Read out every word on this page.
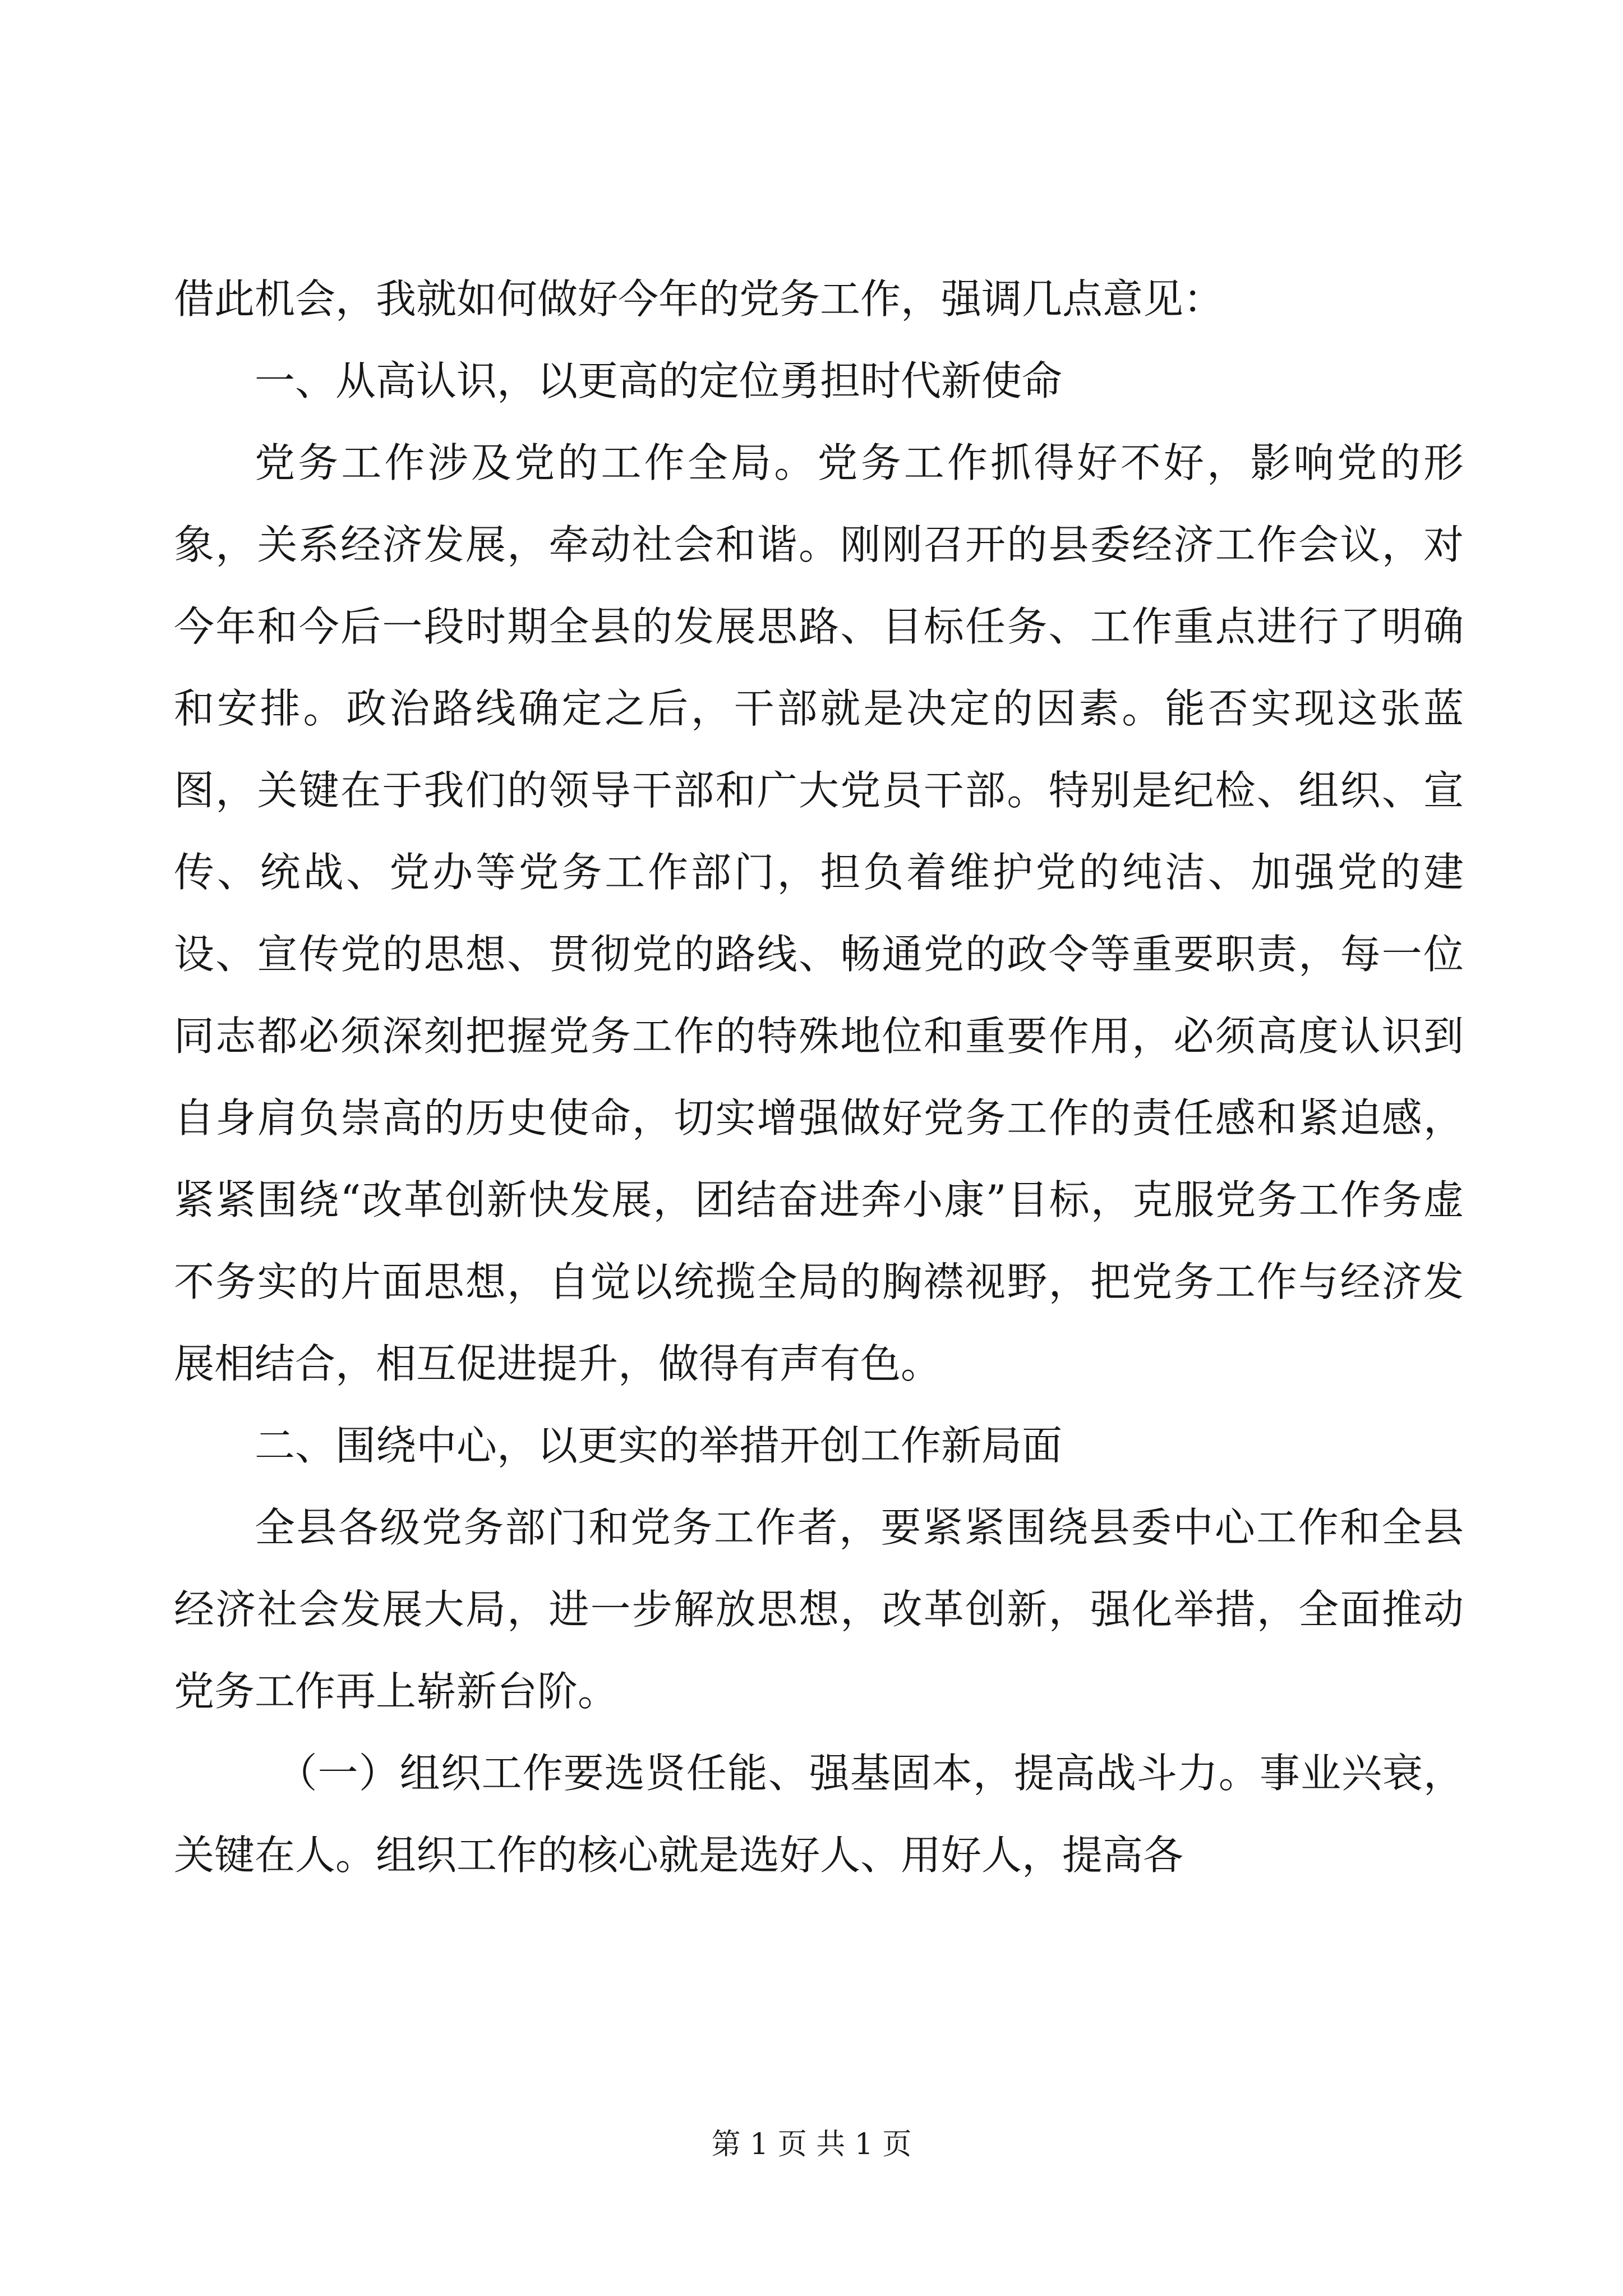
借此机会，我就如何做好今年的党务工作，强调几点意见：

一、从高认识，以更高的定位勇担时代新使命

党务工作涉及党的工作全局。党务工作抓得好不好，影响党的形象，关系经济发展，牵动社会和谐。刚刚召开的县委经济工作会议，对今年和今后一段时期全县的发展思路、目标任务、工作重点进行了明确和安排。政治路线确定之后，干部就是决定的因素。能否实现这张蓝图，关键在于我们的领导干部和广大党员干部。特别是纪检、组织、宣传、统战、党办等党务工作部门，担负着维护党的纯洁、加强党的建设、宣传党的思想、贯彻党的路线、畅通党的政令等重要职责，每一位同志都必须深刻把握党务工作的特殊地位和重要作用，必须高度认识到自身肩负崇高的历史使命，切实增强做好党务工作的责任感和紧迫感，紧紧围绕“改革创新快发展，团结奋进奔小康”目标，克服党务工作务虚不务实的片面思想，自觉以统揽全局的胸襟视野，把党务工作与经济发展相结合，相互促进提升，做得有声有色。

二、围绕中心，以更实的举措开创工作新局面

全县各级党务部门和党务工作者，要紧紧围绕县委中心工作和全县经济社会发展大局，进一步解放思想，改革创新，强化举措，全面推动党务工作再上崭新台阶。

（一）组织工作要选贤任能、强基固本，提高战斗力。事业兴衰，关键在人。组织工作的核心就是选好人、用好人，提高各

第 1 页 共 1 页
